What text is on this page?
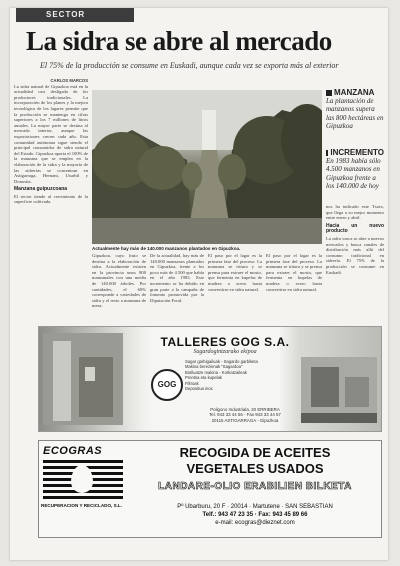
SECTOR
La sidra se abre al mercado
El 75% de la producción se consume en Euskadi, aunque cada vez se exporta más al exterior
CARLOS MARCOS
La sidra natural de Gipuzkoa está en la actualidad casi desligada de los productores tradicionales. La incorporación de los planes y la mejora tecnológica de los lagares permite que la producción se mantenga en cifras superiores a los 7 millones de litros anuales. La mayor parte se destina al mercado interior, aunque las exportaciones crecen cada año. Esta comunidad autónoma sigue siendo el principal consumidor de sidra natural del Estado. Gipuzkoa aporta el 100% de la manzana que se emplea en la elaboración de la sidra y la mayoría de las sidrerías se concentran en Astigarraga, Hernani, Usurbil y Donostia.
Manzana guipuzcoana
El sector tiende al crecimiento de la superficie cultivada.
Actualmente hay más de 140.000 manzanos plantados en Gipuzkoa.
Gipuzkoa, cuyo fruto se destina a la elaboración de sidra. Actualmente existen en la provincia unos 800 manzanales con una media de 140.000 árboles. Por cantidades, el 60% corresponde a variedades de sidra y el resto a manzana de mesa.
De la actualidad, hay más de 140.000 manzanos plantados en Gipuzkoa, frente a los poco más de 4.500 que había en el año 1983. Este incremento se ha debido en gran parte a la campaña de fomento promovida por la Diputación Foral.
El paso por el lagar es la primera fase del proceso. La manzana se tritura y se prensa para extraer el mosto, que fermenta en kupelas de madera o acero hasta convertirse en sidra natural.
El paso por el lagar es la primera fase del proceso. La manzana se tritura y se prensa para extraer el mosto, que fermenta en kupelas de madera o acero hasta convertirse en sidra natural.
MANZANA
La plantación de manzanos supera las 800 hectáreas en Gipuzkoa
INCREMENTO
En 1983 había sólo 4.500 manzanos en Gipuzkoa frente a los 140.000 de hoy
nos ha indicado este Txotx, que llega a su mejor momento entre enero y abril.
Hacia un nuevo producto
La sidra vasca se abre a nuevos mercados y busca canales de distribución más allá del consumo tradicional en sidrería. El 75% de la producción se consume en Euskadi.
TALLERES GOG S.A.
Sagardogintzarako ekipoa
GOG
Sagar garbigailuak - Sagardo garbiketa
Makina berezienak "Sagardoa"
Botiluatze makina - Korkatzaileak
Prentsa eta kupelak
Filtroak
Depositua inox
Poligono Industriala, 20 ERRIBERA
Tel. 943 33 44 56 - Fax 943 33 44 57
20115 ASTIGARRAGA - Gipuzkoa
ECOGRAS
RECUPERACION Y RECICLADO, S.L.
RECOGIDA DE ACEITES
VEGETALES USADOS
LANDARE-OLIO ERABILIEN BILKETA
Pº Ubarburu, 20 F · 20014 · Martutene · SAN SEBASTIAN
Telf.: 943 47 23 35 · Fax: 943 45 89 66
e-mail: ecogras@dieznet.com
